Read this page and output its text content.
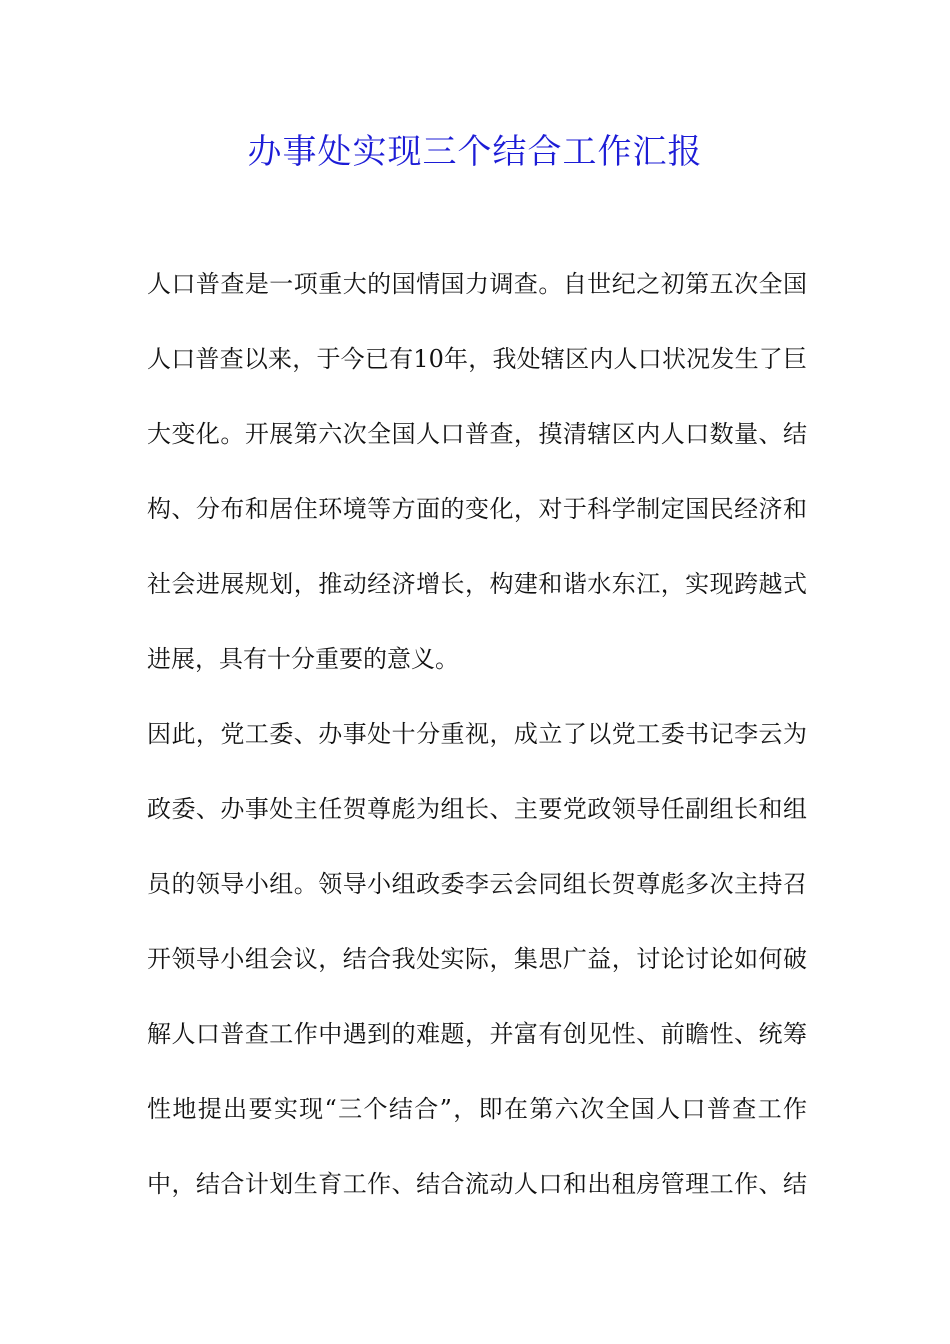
办事处实现三个结合工作汇报
人口普查是一项重大的国情国力调查。自世纪之初第五次全国
人口普查以来，于今已有10年，我处辖区内人口状况发生了巨
大变化。开展第六次全国人口普查，摸清辖区内人口数量、结
构、分布和居住环境等方面的变化，对于科学制定国民经济和
社会进展规划，推动经济增长，构建和谐水东江，实现跨越式
进展，具有十分重要的意义。
因此，党工委、办事处十分重视，成立了以党工委书记李云为
政委、办事处主任贺尊彪为组长、主要党政领导任副组长和组
员的领导小组。领导小组政委李云会同组长贺尊彪多次主持召
开领导小组会议，结合我处实际，集思广益，讨论讨论如何破
解人口普查工作中遇到的难题，并富有创见性、前瞻性、统筹
性地提出要实现“三个结合”，即在第六次全国人口普查工作
中，结合计划生育工作、结合流动人口和出租房管理工作、结
